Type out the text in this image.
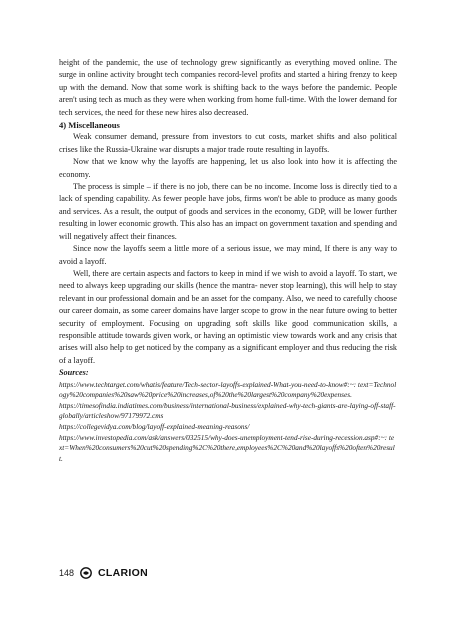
height of the pandemic, the use of technology grew significantly as everything moved online. The surge in online activity brought tech companies record-level profits and started a hiring frenzy to keep up with the demand. Now that some work is shifting back to the ways before the pandemic. People aren't using tech as much as they were when working from home full-time. With the lower demand for tech services, the need for these new hires also decreased.

4) Miscellaneous

Weak consumer demand, pressure from investors to cut costs, market shifts and also political crises like the Russia-Ukraine war disrupts a major trade route resulting in layoffs.

Now that we know why the layoffs are happening, let us also look into how it is affecting the economy.

The process is simple – if there is no job, there can be no income. Income loss is directly tied to a lack of spending capability. As fewer people have jobs, firms won't be able to produce as many goods and services. As a result, the output of goods and services in the economy, GDP, will be lower further resulting in lower economic growth. This also has an impact on government taxation and spending and will negatively affect their finances.

Since now the layoffs seem a little more of a serious issue, we may mind, If there is any way to avoid a layoff.

Well, there are certain aspects and factors to keep in mind if we wish to avoid a layoff. To start, we need to always keep upgrading our skills (hence the mantra- never stop learning), this will help to stay relevant in our professional domain and be an asset for the company. Also, we need to carefully choose our career domain, as some career domains have larger scope to grow in the near future owing to better security of employment. Focusing on upgrading soft skills like good communication skills, a responsible attitude towards given work, or having an optimistic view towards work and any crisis that arises will also help to get noticed by the company as a significant employer and thus reducing the risk of a layoff.

Sources:

https://www.techtarget.com/whatis/feature/Tech-sector-layoffs-explained-What-you-need-to-know#:~: text=Technology%20companies%20saw%20price%20increases,of%20the%20largest%20company%20expenses.

https://timesofindia.indiatimes.com/business/international-business/explained-why-tech-giants-are-laying-off-staff-globally/articleshow/97179972.cms

https://collegevidya.com/blog/layoff-explained-meaning-reasons/

https://www.investopedia.com/ask/answers/032515/why-does-unemployment-tend-rise-during-recession.asp#:~: text=When%20consumers%20cut%20spending%2C%20there,employees%2C%20and%20layoffs%20often%20result.

148 CLARION
